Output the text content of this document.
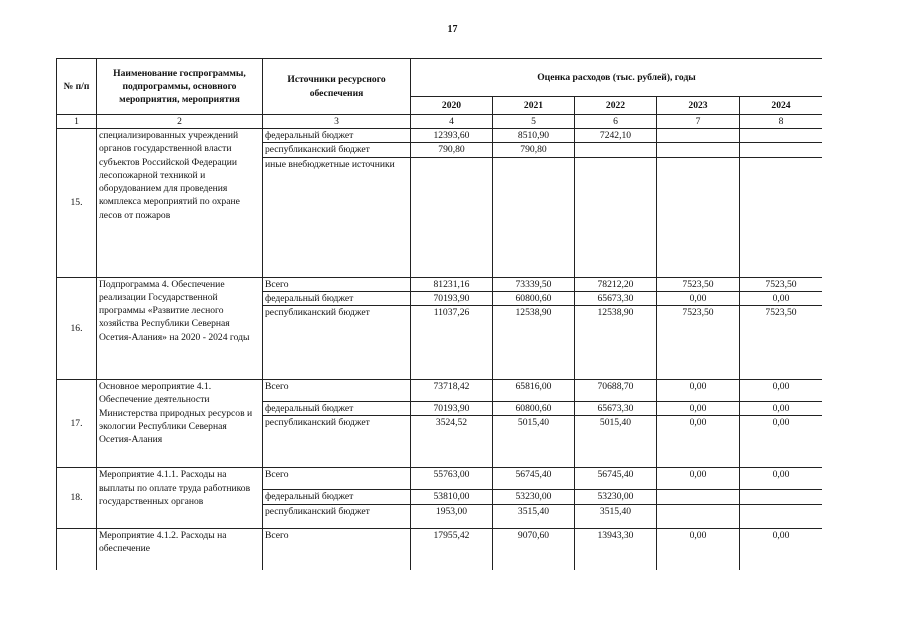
17
№ п/п	Наименование госпрограммы, подпрограммы, основного мероприятия, мероприятия	Источники ресурсного обеспечения	Оценка расходов (тыс. рублей), годы				
			2020	2021	2022	2023	2024
1	2	3	4	5	6	7	8
15.	специализированных учреждений органов государственной власти субъектов Российской Федерации лесопожарной техникой и оборудованием для проведения комплекса мероприятий по охране лесов от пожаров	федеральный бюджет	12393,60	8510,90	7242,10		
		республиканский бюджет	790,80	790,80			
		иные внебюджетные источники					
16.	Подпрограмма 4. Обеспечение реализации Государственной программы «Развитие лесного хозяйства Республики Северная Осетия-Алания» на 2020 - 2024 годы	Всего	81231,16	73339,50	78212,20	7523,50	7523,50
		федеральный бюджет	70193,90	60800,60	65673,30	0,00	0,00
		республиканский бюджет	11037,26	12538,90	12538,90	7523,50	7523,50
17.	Основное мероприятие 4.1. Обеспечение деятельности Министерства природных ресурсов и экологии Республики Северная Осетия-Алания	Всего	73718,42	65816,00	70688,70	0,00	0,00
		федеральный бюджет	70193,90	60800,60	65673,30	0,00	0,00
		республиканский бюджет	3524,52	5015,40	5015,40	0,00	0,00
18.	Мероприятие 4.1.1. Расходы на выплаты по оплате труда работников государственных органов	Всего	55763,00	56745,40	56745,40	0,00	0,00
		федеральный бюджет	53810,00	53230,00	53230,00		
		республиканский бюджет	1953,00	3515,40	3515,40		
	Мероприятие 4.1.2. Расходы на обеспечение	Всего	17955,42	9070,60	13943,30	0,00	0,00
